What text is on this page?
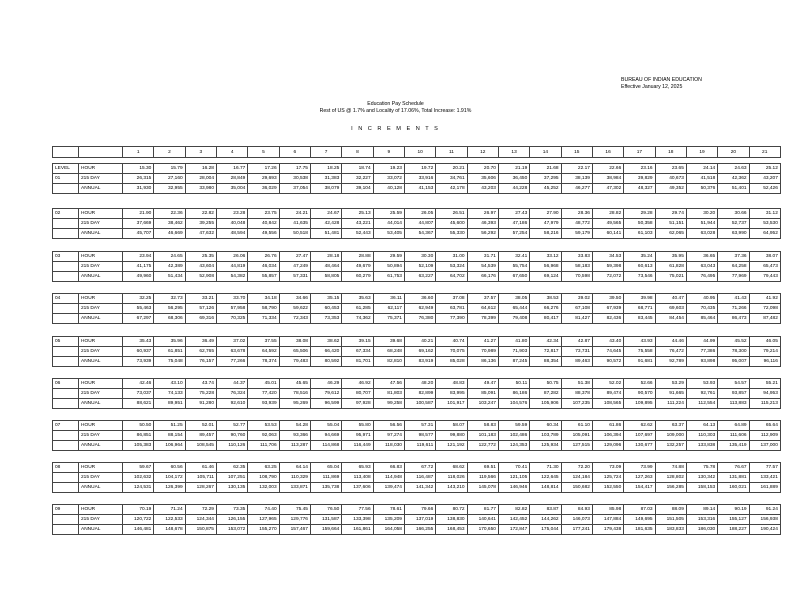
BUREAU OF INDIAN EDUCATION
Effective January 12, 2025
Education Pay Schedule
Rest of US @ 1.7% and Locality of 17.06%, Total Increase: 1.91%
I N C R E M E N T S
		1	2	3	4	5	6	7	8	9	10	11	12	13	14	15	16	17	18	19	20	21
LEVEL	HOUR	15.30	15.79	16.28	16.77	17.26	17.75	18.25	18.74	19.23	19.72	20.21	20.70	21.19	21.68	22.17	22.66	23.16	23.65	24.14	24.63	25.12
01	215 DAY	26,315	27,160	28,004	28,849	29,693	30,538	31,383	32,227	33,072	33,916	34,761	35,606	36,450	37,295	38,139	38,984	39,829	40,673	41,518	42,362	43,207
	ANNUAL	31,930	32,955	33,980	35,004	36,029	37,054	38,079	39,104	40,128	41,153	42,178	43,203	44,228	45,252	46,277	47,302	48,327	49,352	50,376	51,401	52,426
02	HOUR	21.90	22.36	22.82	23.28	23.75	24.21	24.67	25.13	25.59	26.05	26.51	26.97	27.43	27.90	28.36	28.82	29.28	29.74	30.20	30.66	31.12
	215 DAY	37,669	38,462	39,255	40,048	40,842	41,635	42,428	43,221	44,014	44,807	45,600	46,393	47,186	47,979	48,772	49,565	50,358	51,151	51,944	52,737	53,530
	ANNUAL	45,707	46,669	47,632	48,594	49,556	50,518	51,481	52,443	53,405	54,367	55,330	56,292	57,254	58,216	59,179	60,141	61,103	62,065	63,028	63,990	64,952
03	HOUR	23.94	24.65	25.35	26.06	26.76	27.47	28.18	28.88	29.59	30.30	31.00	31.71	32.41	33.12	33.83	34.53	35.24	35.95	36.65	37.36	38.07
	215 DAY	41,175	42,389	43,604	44,819	46,034	47,249	48,464	49,679	50,894	52,109	53,324	54,539	55,754	56,968	58,183	59,398	60,613	61,828	63,043	64,258	65,473
	ANNUAL	49,960	51,434	52,908	54,382	55,857	57,331	58,805	60,279	61,753	63,227	64,702	66,176	67,650	69,124	70,598	72,072	73,546	75,021	76,495	77,969	79,443
04	HOUR	32.25	32.73	33.21	33.70	34.18	34.66	35.15	35.63	36.11	36.60	37.08	37.57	38.05	38.53	39.02	39.50	39.98	40.47	40.95	41.43	41.92
	215 DAY	55,463	56,295	57,126	57,958	58,790	59,622	60,453	61,285	62,117	62,949	63,781	64,612	65,444	66,276	67,108	67,939	68,771	69,603	70,435	71,266	72,098
	ANNUAL	67,297	68,306	69,316	70,325	71,334	72,343	73,353	74,362	75,371	76,380	77,390	78,399	79,408	80,417	81,427	82,436	83,445	84,454	85,464	86,473	87,482
05	HOUR	35.43	35.96	36.49	37.02	37.55	38.08	38.62	39.15	39.68	40.21	40.74	41.27	41.80	42.34	42.87	43.40	43.93	44.46	44.99	45.52	46.05
	215 DAY	60,937	61,851	62,765	63,678	64,592	65,506	66,420	67,334	68,248	69,162	70,075	70,989	71,903	72,817	73,731	74,645	75,558	76,472	77,386	78,300	79,214
	ANNUAL	73,939	75,048	76,157	77,266	78,374	79,483	80,592	81,701	82,810	83,919	85,028	86,136	87,245	88,354	89,463	90,572	91,681	92,789	93,898	95,007	96,116
06	HOUR	42.46	43.10	43.74	44.37	45.01	45.65	46.29	46.92	47.56	48.20	48.83	49.47	50.11	50.75	51.38	52.02	52.66	53.29	53.93	54.57	55.21
	215 DAY	73,037	74,133	75,228	76,324	77,420	78,516	79,612	80,707	81,803	82,899	83,995	85,091	86,186	87,282	88,378	89,474	90,570	91,665	92,761	93,857	94,953
	ANNUAL	88,621	89,951	91,280	92,610	93,939	95,269	96,599	97,928	99,258	100,587	101,917	103,247	104,576	105,906	107,235	108,565	109,895	111,224	112,554	113,883	115,213
07	HOUR	50.50	51.25	52.01	52.77	53.53	54.28	55.04	55.80	56.56	57.31	58.07	58.83	59.59	60.34	61.10	61.86	62.62	63.37	64.13	64.89	65.64
	215 DAY	86,851	88,154	89,457	90,760	92,063	93,366	94,669	95,971	97,274	98,577	99,880	101,183	102,486	103,789	105,091	106,394	107,697	109,000	110,303	111,606	112,909
	ANNUAL	105,383	106,964	108,545	110,126	111,706	113,287	114,868	116,449	118,030	119,611	121,192	122,772	124,353	125,934	127,515	129,096	130,677	132,257	133,838	135,419	137,000
08	HOUR	59.67	60.56	61.46	62.35	63.25	64.14	65.04	65.93	66.83	67.72	68.62	69.51	70.41	71.30	72.20	73.09	73.99	74.88	75.78	76.67	77.57
	215 DAY	102,632	104,172	105,711	107,251	108,790	110,329	111,869	113,408	114,948	116,487	118,026	119,566	121,105	122,645	124,184	125,724	127,263	128,802	130,342	131,881	133,421
	ANNUAL	124,531	126,399	128,267	130,135	132,003	133,871	135,738	137,606	139,474	141,342	143,210	145,078	146,946	148,814	150,682	152,550	154,417	156,285	158,153	160,021	161,889
09	HOUR	70.19	71.24	72.29	73.35	74.40	75.45	76.50	77.56	78.61	79.66	80.72	81.77	82.82	83.87	84.93	85.98	87.03	88.09	89.14	90.19	91.24
	215 DAY	120,722	122,533	124,344	126,155	127,965	129,776	131,587	133,398	135,209	137,019	138,830	140,641	142,452	144,262	146,073	147,884	149,695	151,505	153,316	155,127	156,938
	ANNUAL	146,481	148,678	150,875	153,072	155,270	157,467	159,664	161,861	164,058	166,255	168,453	170,650	172,847	175,044	177,241	179,438	181,635	183,833	186,030	188,227	190,424
